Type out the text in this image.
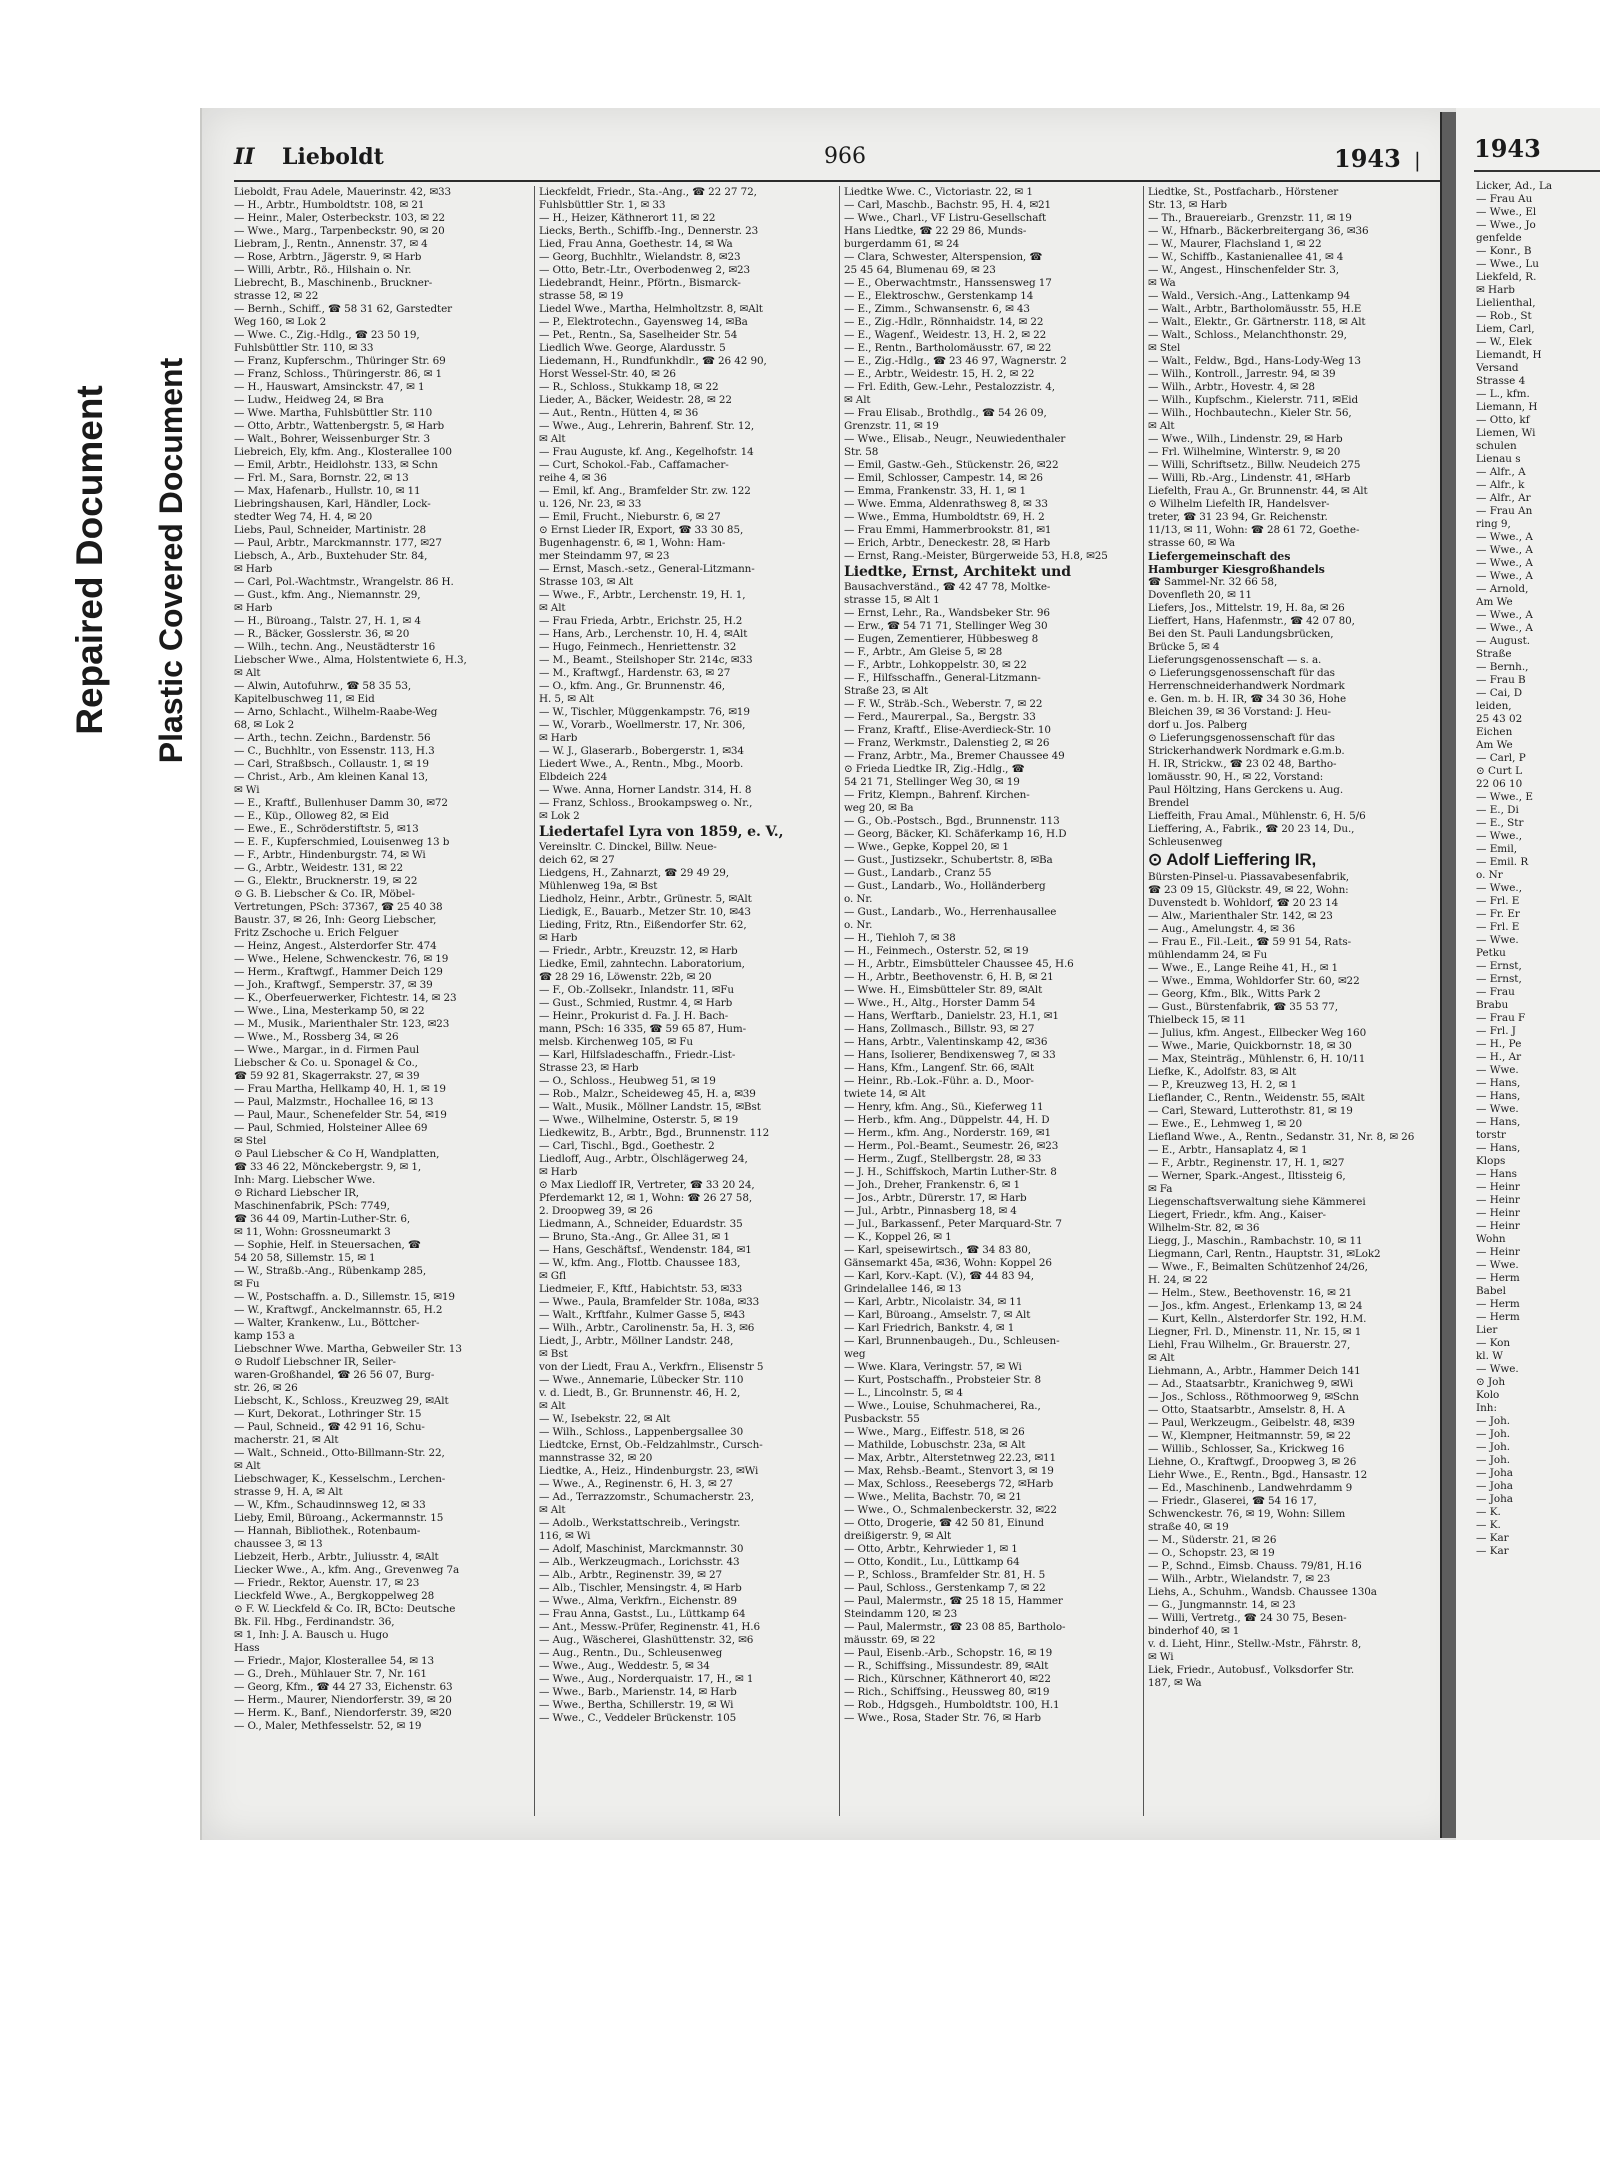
Repaired Document Plastic Covered Document
II Lieboldt	966	1943 |
Lieboldt, Frau Adele, Mauerinstr. 42, ✉33
— H., Arbtr., Humboldtstr. 108, ✉ 21
— Heinr., Maler, Osterbeckstr. 103, ✉ 22
— Wwe., Marg., Tarpenbeckstr. 90, ✉ 20
Liebram, J., Rentn., Annenstr. 37, ✉ 4
— Rose, Arbtrn., Jägerstr. 9, ✉ Harb
— Willi, Arbtr., Rö., Hilshain o. Nr.
Liebrecht, B., Maschinenb., Bruckner-
strasse 12, ✉ 22
— Bernh., Schiff., ☎ 58 31 62, Garstedter
Weg 160, ✉ Lok 2
— Wwe. C., Zig.-Hdlg., ☎ 23 50 19,
Fuhlsbüttler Str. 110, ✉ 33
— Franz, Kupferschm., Thüringer Str. 69
— Franz, Schloss., Thüringerstr. 86, ✉ 1
— H., Hauswart, Amsinckstr. 47, ✉ 1
— Ludw., Heidweg 24, ✉ Bra
— Wwe. Martha, Fuhlsbüttler Str. 110
— Otto, Arbtr., Wattenbergstr. 5, ✉ Harb
— Walt., Bohrer, Weissenburger Str. 3
Liebreich, Ely, kfm. Ang., Klosterallee 100
— Emil, Arbtr., Heidlohstr. 133, ✉ Schn
— Frl. M., Sara, Bornstr. 22, ✉ 13
— Max, Hafenarb., Hullstr. 10, ✉ 11
Liebringshausen, Karl, Händler, Lock-
stedter Weg 74, H. 4, ✉ 20
Liebs, Paul, Schneider, Martinistr. 28
— Paul, Arbtr., Marckmannstr. 177, ✉27
Liebsch, A., Arb., Buxtehuder Str. 84,
✉ Harb
— Carl, Pol.-Wachtmstr., Wrangelstr. 86 H.
— Gust., kfm. Ang., Niemannstr. 29,
✉ Harb
— H., Büroang., Talstr. 27, H. 1, ✉ 4
— R., Bäcker, Gosslerstr. 36, ✉ 20
— Wilh., techn. Ang., Neustädterstr 16
Liebscher Wwe., Alma, Holstentwiete 6, H.3,
✉ Alt
— Alwin, Autofuhrw., ☎ 58 35 53,
Kapitelbuschweg 11, ✉ Eid
— Arno, Schlacht., Wilhelm-Raabe-Weg
68, ✉ Lok 2
— Arth., techn. Zeichn., Bardenstr. 56
— C., Buchhltr., von Essenstr. 113, H.3
— Carl, Straßbsch., Collaustr. 1, ✉ 19
— Christ., Arb., Am kleinen Kanal 13,
✉ Wi
— E., Kraftf., Bullenhuser Damm 30, ✉72
— E., Küp., Olloweg 82, ✉ Eid
— Ewe., E., Schröderstiftstr. 5, ✉13
— E. F., Kupferschmied, Louisenweg 13 b
— F., Arbtr., Hindenburgstr. 74, ✉ Wi
— G., Arbtr., Weidestr. 131, ✉ 22
— G., Elektr., Brucknerstr. 19, ✉ 22
⊙ G. B. Liebscher & Co. IR, Möbel-
Vertretungen, PSch: 37367, ☎ 25 40 38
Baustr. 37, ✉ 26, Inh: Georg Liebscher,
Fritz Zschoche u. Erich Felguer
— Heinz, Angest., Alsterdorfer Str. 474
— Wwe., Helene, Schwenckestr. 76, ✉ 19
— Herm., Kraftwgf., Hammer Deich 129
— Joh., Kraftwgf., Semperstr. 37, ✉ 39
— K., Oberfeuerwerker, Fichtestr. 14, ✉ 23
— Wwe., Lina, Mesterkamp 50, ✉ 22
— M., Musik., Marienthaler Str. 123, ✉23
— Wwe., M., Rossberg 34, ✉ 26
— Wwe., Margar., in d. Firmen Paul
Liebscher & Co. u. Sponagel & Co.,
☎ 59 92 81, Skagerrakstr. 27, ✉ 39
— Frau Martha, Hellkamp 40, H. 1, ✉ 19
— Paul, Malzmstr., Hochallee 16, ✉ 13
— Paul, Maur., Schenefelder Str. 54, ✉19
— Paul, Schmied, Holsteiner Allee 69
✉ Stel
⊙ Paul Liebscher & Co H, Wandplatten,
☎ 33 46 22, Mönckebergstr. 9, ✉ 1,
Inh: Marg. Liebscher Wwe.
⊙ Richard Liebscher IR,
Maschinenfabrik, PSch: 7749,
☎ 36 44 09, Martin-Luther-Str. 6,
✉ 11, Wohn: Grossneumarkt 3
— Sophie, Helf. in Steuersachen, ☎
54 20 58, Sillemstr. 15, ✉ 1
— W., Straßb.-Ang., Rübenkamp 285,
✉ Fu
— W., Postschaffn. a. D., Sillemstr. 15, ✉19
— W., Kraftwgf., Anckelmannstr. 65, H.2
— Walter, Krankenw., Lu., Böttcher-
kamp 153 a
Liebschner Wwe. Martha, Gebweiler Str. 13
⊙ Rudolf Liebschner IR, Seiler-
waren-Großhandel, ☎ 26 56 07, Burg-
str. 26, ✉ 26
Liebscht, K., Schloss., Kreuzweg 29, ✉Alt
— Kurt, Dekorat., Lothringer Str. 15
— Paul, Schneid., ☎ 42 91 16, Schu-
macherstr. 21, ✉ Alt
— Walt., Schneid., Otto-Billmann-Str. 22,
✉ Alt
Liebschwager, K., Kesselschm., Lerchen-
strasse 9, H. A, ✉ Alt
— W., Kfm., Schaudinnsweg 12, ✉ 33
Lieby, Emil, Büroang., Ackermannstr. 15
— Hannah, Bibliothek., Rotenbaum-
chaussee 3, ✉ 13
Liebzeit, Herb., Arbtr., Juliusstr. 4, ✉Alt
Liecker Wwe., A., kfm. Ang., Grevenweg 7a
— Friedr., Rektor, Auenstr. 17, ✉ 23
Lieckfeld Wwe., A., Bergkoppelweg 28
⊙ F. W. Lieckfeld & Co. IR, BCto: Deutsche
Bk. Fil. Hbg., Ferdinandstr. 36,
✉ 1, Inh: J. A. Bausch u. Hugo
Hass
— Friedr., Major, Klosterallee 54, ✉ 13
— G., Dreh., Mühlauer Str. 7, Nr. 161
— Georg, Kfm., ☎ 44 27 33, Eichenstr. 63
— Herm., Maurer, Niendorferstr. 39, ✉ 20
— Herm. K., Banf., Niendorferstr. 39, ✉20
— O., Maler, Methfesselstr. 52, ✉ 19
Lieckfeldt, Friedr., Sta.-Ang., ☎ 22 27 72,
Fuhlsbüttler Str. 1, ✉ 33
— H., Heizer, Käthnerort 11, ✉ 22
Liecks, Berth., Schiffb.-Ing., Dennerstr. 23
Lied, Frau Anna, Goethestr. 14, ✉ Wa
— Georg, Buchhltr., Wielandstr. 8, ✉23
— Otto, Betr.-Ltr., Overbodenweg 2, ✉23
Liedebrandt, Heinr., Pförtn., Bismarck-
strasse 58, ✉ 19
Liedel Wwe., Martha, Helmholtzstr. 8, ✉Alt
— P., Elektrotechn., Gayensweg 14, ✉Ba
— Pet., Rentn., Sa, Saselheider Str. 54
Liedlich Wwe. George, Alardusstr. 5
Liedemann, H., Rundfunkhdlr., ☎ 26 42 90,
Horst Wessel-Str. 40, ✉ 26
— R., Schloss., Stukkamp 18, ✉ 22
Lieder, A., Bäcker, Weidestr. 28, ✉ 22
— Aut., Rentn., Hütten 4, ✉ 36
— Wwe., Aug., Lehrerin, Bahrenf. Str. 12,
✉ Alt
— Frau Auguste, kf. Ang., Kegelhofstr. 14
— Curt, Schokol.-Fab., Caffamacher-
reihe 4, ✉ 36
— Emil, kf. Ang., Bramfelder Str. zw. 122
u. 126, Nr. 23, ✉ 33
— Emil, Frucht., Nieburstr. 6, ✉ 27
⊙ Ernst Lieder IR, Export, ☎ 33 30 85,
Bugenhagenstr. 6, ✉ 1, Wohn: Ham-
mer Steindamm 97, ✉ 23
— Ernst, Masch.-setz., General-Litzmann-
Strasse 103, ✉ Alt
— Wwe., F., Arbtr., Lerchenstr. 19, H. 1,
✉ Alt
— Frau Frieda, Arbtr., Erichstr. 25, H.2
— Hans, Arb., Lerchenstr. 10, H. 4, ✉Alt
— Hugo, Feinmech., Henriettenstr. 32
— M., Beamt., Steilshoper Str. 214c, ✉33
— M., Kraftwgf., Hardenstr. 63, ✉ 27
— O., kfm. Ang., Gr. Brunnenstr. 46,
H. 5, ✉ Alt
— W., Tischler, Müggenkampstr. 76, ✉19
— W., Vorarb., Woellmerstr. 17, Nr. 306,
✉ Harb
— W. J., Glaserarb., Bobergerstr. 1, ✉34
Liedert Wwe., A., Rentn., Mbg., Moorb.
Elbdeich 224
— Wwe. Anna, Horner Landstr. 314, H. 8
— Franz, Schloss., Brookampsweg o. Nr.,
✉ Lok 2
Liedertafel Lyra von 1859, e. V.,
Vereinsltr. C. Dinckel, Billw. Neue-
deich 62, ✉ 27
Liedgens, H., Zahnarzt, ☎ 29 49 29,
Mühlenweg 19a, ✉ Bst
Liedholz, Heinr., Arbtr., Grünestr. 5, ✉Alt
Liedigk, E., Bauarb., Metzer Str. 10, ✉43
Lieding, Fritz, Rtn., Eißendorfer Str. 62,
✉ Harb
— Friedr., Arbtr., Kreuzstr. 12, ✉ Harb
Liedke, Emil, zahntechn. Laboratorium,
☎ 28 29 16, Löwenstr. 22b, ✉ 20
— F., Ob.-Zollsekr., Inlandstr. 11, ✉Fu
— Gust., Schmied, Rustmr. 4, ✉ Harb
— Heinr., Prokurist d. Fa. J. H. Bach-
mann, PSch: 16 335, ☎ 59 65 87, Hum-
melsb. Kirchenweg 105, ✉ Fu
— Karl, Hilfsladeschaffn., Friedr.-List-
Strasse 23, ✉ Harb
— O., Schloss., Heubweg 51, ✉ 19
— Rob., Malzr., Scheideweg 45, H. a, ✉39
— Walt., Musik., Möllner Landstr. 15, ✉Bst
— Wwe., Wilhelmine, Osterstr. 5, ✉ 19
Liedkewitz, B., Arbtr., Bgd., Brunnenstr. 112
— Carl, Tischl., Bgd., Goethestr. 2
Liedloff, Aug., Arbtr., Ölschlägerweg 24,
✉ Harb
⊙ Max Liedloff IR, Vertreter, ☎ 33 20 24,
Pferdemarkt 12, ✉ 1, Wohn: ☎ 26 27 58,
2. Droopweg 39, ✉ 26
Liedmann, A., Schneider, Eduardstr. 35
— Bruno, Sta.-Ang., Gr. Allee 31, ✉ 1
— Hans, Geschäftsf., Wendenstr. 184, ✉1
— W., kfm. Ang., Flottb. Chaussee 183,
✉ Gfl
Liedmeier, F., Kftf., Habichtstr. 53, ✉33
— Wwe., Paula, Bramfelder Str. 108a, ✉33
— Walt., Krftfahr., Kulmer Gasse 5, ✉43
— Wilh., Arbtr., Carolinenstr. 5a, H. 3, ✉6
Liedt, J., Arbtr., Möllner Landstr. 248,
✉ Bst
von der Liedt, Frau A., Verkfrn., Elisenstr 5
— Wwe., Annemarie, Lübecker Str. 110
v. d. Liedt, B., Gr. Brunnenstr. 46, H. 2,
✉ Alt
— W., Isebekstr. 22, ✉ Alt
— Wilh., Schloss., Lappenbergsallee 30
Liedtcke, Ernst, Ob.-Feldzahlmstr., Cursch-
mannstrasse 32, ✉ 20
Liedtke, A., Heiz., Hindenburgstr. 23, ✉Wi
— Wwe., A., Reginenstr. 6, H. 3, ✉ 27
— Ad., Terrazzomstr., Schumacherstr. 23,
✉ Alt
— Adolb., Werkstattschreib., Veringstr.
116, ✉ Wi
— Adolf, Maschinist, Marckmannstr. 30
— Alb., Werkzeugmach., Lorichsstr. 43
— Alb., Arbtr., Reginenstr. 39, ✉ 27
— Alb., Tischler, Mensingstr. 4, ✉ Harb
— Wwe., Alma, Verkfrn., Eichenstr. 89
— Frau Anna, Gastst., Lu., Lüttkamp 64
— Ant., Messw.-Prüfer, Reginenstr. 41, H.6
— Aug., Wäscherei, Glashüttenstr. 32, ✉6
— Aug., Rentn., Du., Schleusenweg
— Wwe., Aug., Weddestr. 5, ✉ 34
— Wwe., Aug., Norderquaistr. 17, H., ✉ 1
— Wwe., Barb., Marienstr. 14, ✉ Harb
— Wwe., Bertha, Schillerstr. 19, ✉ Wi
— Wwe., C., Veddeler Brückenstr. 105
Liedtke Wwe. C., Victoriastr. 22, ✉ 1
— Carl, Maschb., Bachstr. 95, H. 4, ✉21
— Wwe., Charl., VF Listru-Gesellschaft
Hans Liedtke, ☎ 22 29 86, Munds-
burgerdamm 61, ✉ 24
— Clara, Schwester, Alterspension, ☎
25 45 64, Blumenau 69, ✉ 23
— E., Oberwachtmstr., Hanssensweg 17
— E., Elektroschw., Gerstenkamp 14
— E., Zimm., Schwansenstr. 6, ✉ 43
— E., Zig.-Hdlr., Rönnhaidstr. 14, ✉ 22
— E., Wagenf., Weidestr. 13, H. 2, ✉ 22
— E., Rentn., Bartholomäusstr. 67, ✉ 22
— E., Zig.-Hdlg., ☎ 23 46 97, Wagnerstr. 2
— E., Arbtr., Weidestr. 15, H. 2, ✉ 22
— Frl. Edith, Gew.-Lehr., Pestalozzistr. 4,
✉ Alt
— Frau Elisab., Brothdlg., ☎ 54 26 09,
Grenzstr. 11, ✉ 19
— Wwe., Elisab., Neugr., Neuwiedenthaler
Str. 58
— Emil, Gastw.-Geh., Stückenstr. 26, ✉22
— Emil, Schlosser, Campestr. 14, ✉ 26
— Emma, Frankenstr. 33, H. 1, ✉ 1
— Wwe. Emma, Aldenrathsweg 8, ✉ 33
— Wwe., Emma, Humboldtstr. 69, H. 2
— Frau Emmi, Hammerbrookstr. 81, ✉1
— Erich, Arbtr., Deneckestr. 28, ✉ Harb
— Ernst, Rang.-Meister, Bürgerweide 53, H.8, ✉25
Liedtke, Ernst, Architekt und
Bausachverständ., ☎ 42 47 78, Moltke-
strasse 15, ✉ Alt 1
— Ernst, Lehr., Ra., Wandsbeker Str. 96
— Erw., ☎ 54 71 71, Stellinger Weg 30
— Eugen, Zementierer, Hübbesweg 8
— F., Arbtr., Am Gleise 5, ✉ 28
— F., Arbtr., Lohkoppelstr. 30, ✉ 22
— F., Hilfsschaffn., General-Litzmann-
Straße 23, ✉ Alt
— F. W., Sträb.-Sch., Weberstr. 7, ✉ 22
— Ferd., Maurerpal., Sa., Bergstr. 33
— Franz, Kraftf., Elise-Averdieck-Str. 10
— Franz, Werkmstr., Dalenstieg 2, ✉ 26
— Franz, Arbtr., Ma., Bremer Chaussee 49
⊙ Frieda Liedtke IR, Zig.-Hdlg., ☎
54 21 71, Stellinger Weg 30, ✉ 19
— Fritz, Klempn., Bahrenf. Kirchen-
weg 20, ✉ Ba
— G., Ob.-Postsch., Bgd., Brunnenstr. 113
— Georg, Bäcker, Kl. Schäferkamp 16, H.D
— Wwe., Gepke, Koppel 20, ✉ 1
— Gust., Justizsekr., Schubertstr. 8, ✉Ba
— Gust., Landarb., Cranz 55
— Gust., Landarb., Wo., Holländerberg
o. Nr.
— Gust., Landarb., Wo., Herrenhausallee
o. Nr.
— H., Tiehloh 7, ✉ 38
— H., Feinmech., Osterstr. 52, ✉ 19
— H., Arbtr., Eimsbütteler Chaussee 45, H.6
— H., Arbtr., Beethovenstr. 6, H. B, ✉ 21
— Wwe. H., Eimsbütteler Str. 89, ✉Alt
— Wwe., H., Altg., Horster Damm 54
— Hans, Werftarb., Danielstr. 23, H.1, ✉1
— Hans, Zollmasch., Billstr. 93, ✉ 27
— Hans, Arbtr., Valentinskamp 42, ✉36
— Hans, Isolierer, Bendixensweg 7, ✉ 33
— Hans, Kfm., Langenf. Str. 66, ✉Alt
— Heinr., Rb.-Lok.-Führ. a. D., Moor-
twiete 14, ✉ Alt
— Henry, kfm. Ang., Sü., Kieferweg 11
— Herb., kfm. Ang., Düppelstr. 44, H. D
— Herm., kfm. Ang., Norderstr. 169, ✉1
— Herm., Pol.-Beamt., Seumestr. 26, ✉23
— Herm., Zugf., Stellbergstr. 28, ✉ 33
— J. H., Schiffskoch, Martin Luther-Str. 8
— Joh., Dreher, Frankenstr. 6, ✉ 1
— Jos., Arbtr., Dürerstr. 17, ✉ Harb
— Jul., Arbtr., Pinnasberg 18, ✉ 4
— Jul., Barkassenf., Peter Marquard-Str. 7
— K., Koppel 26, ✉ 1
— Karl, speisewirtsch., ☎ 34 83 80,
Gänsemarkt 45a, ✉36, Wohn: Koppel 26
— Karl, Korv.-Kapt. (V.), ☎ 44 83 94,
Grindelallee 146, ✉ 13
— Karl, Arbtr., Nicolaistr. 34, ✉ 11
— Karl, Büroang., Amselstr. 7, ✉ Alt
— Karl Friedrich, Bankstr. 4, ✉ 1
— Karl, Brunnenbaugeh., Du., Schleusen-
weg
— Wwe. Klara, Veringstr. 57, ✉ Wi
— Kurt, Postschaffn., Probsteier Str. 8
— L., Lincolnstr. 5, ✉ 4
— Wwe., Louise, Schuhmacherei, Ra.,
Pusbackstr. 55
— Wwe., Marg., Eiffestr. 518, ✉ 26
— Mathilde, Lobuschstr. 23a, ✉ Alt
— Max, Arbtr., Alterstetnweg 22.23, ✉11
— Max, Rehsb.-Beamt., Stenvort 3, ✉ 19
— Max, Schloss., Reesebergs 72, ✉Harb
— Wwe., Melita, Bachstr. 70, ✉ 21
— Wwe., O., Schmalenbeckerstr. 32, ✉22
— Otto, Drogerie, ☎ 42 50 81, Einund
dreißigerstr. 9, ✉ Alt
— Otto, Arbtr., Kehrwieder 1, ✉ 1
— Otto, Kondit., Lu., Lüttkamp 64
— P., Schloss., Bramfelder Str. 81, H. 5
— Paul, Schloss., Gerstenkamp 7, ✉ 22
— Paul, Malermstr., ☎ 25 18 15, Hammer
Steindamm 120, ✉ 23
— Paul, Malermstr., ☎ 23 08 85, Bartholo-
mäusstr. 69, ✉ 22
— Paul, Eisenb.-Arb., Schopstr. 16, ✉ 19
— R., Schiffsing., Missundestr. 89, ✉Alt
— Rich., Kürschner, Käthnerort 40, ✉22
— Rich., Schiffsing., Heussweg 80, ✉19
— Rob., Hdgsgeh., Humboldtstr. 100, H.1
— Wwe., Rosa, Stader Str. 76, ✉ Harb
Liedtke, St., Postfacharb., Hörstener
Str. 13, ✉ Harb
— Th., Brauereiarb., Grenzstr. 11, ✉ 19
— W., Hfnarb., Bäckerbreitergang 36, ✉36
— W., Maurer, Flachsland 1, ✉ 22
— W., Schiffb., Kastanienallee 41, ✉ 4
— W., Angest., Hinschenfelder Str. 3,
✉ Wa
— Wald., Versich.-Ang., Lattenkamp 94
— Walt., Arbtr., Bartholomäusstr. 55, H.E
— Walt., Elektr., Gr. Gärtnerstr. 118, ✉ Alt
— Walt., Schloss., Melanchthonstr. 29,
✉ Stel
— Walt., Feldw., Bgd., Hans-Lody-Weg 13
— Wilh., Kontroll., Jarrestr. 94, ✉ 39
— Wilh., Arbtr., Hovestr. 4, ✉ 28
— Wilh., Kupfschm., Kielerstr. 711, ✉Eid
— Wilh., Hochbautechn., Kieler Str. 56,
✉ Alt
— Wwe., Wilh., Lindenstr. 29, ✉ Harb
— Frl. Wilhelmine, Winterstr. 9, ✉ 20
— Willi, Schriftsetz., Billw. Neudeich 275
— Willi, Rb.-Arg., Lindenstr. 41, ✉Harb
Liefelth, Frau A., Gr. Brunnenstr. 44, ✉ Alt
⊙ Wilhelm Liefelth IR, Handelsver-
treter, ☎ 31 23 94, Gr. Reichenstr.
11/13, ✉ 11, Wohn: ☎ 28 61 72, Goethe-
strasse 60, ✉ Wa
Liefergemeinschaft des
Hamburger Kiesgroßhandels
☎ Sammel-Nr. 32 66 58,
Dovenfleth 20, ✉ 11
Liefers, Jos., Mittelstr. 19, H. 8a, ✉ 26
Lieffert, Hans, Hafenmstr., ☎ 42 07 80,
Bei den St. Pauli Landungsbrücken,
Brücke 5, ✉ 4
Lieferungsgenossenschaft — s. a.
⊙ Lieferungsgenossenschaft für das
Herrenschneiderhandwerk Nordmark
e. Gen. m. b. H. IR, ☎ 34 30 36, Hohe
Bleichen 39, ✉ 36 Vorstand: J. Heu-
dorf u. Jos. Palberg
⊙ Lieferungsgenossenschaft für das
Strickerhandwerk Nordmark e.G.m.b.
H. IR, Strickw., ☎ 23 02 48, Bartho-
lomäusstr. 90, H., ✉ 22, Vorstand:
Paul Höltzing, Hans Gerckens u. Aug.
Brendel
Lieffeith, Frau Amal., Mühlenstr. 6, H. 5/6
Lieffering, A., Fabrik., ☎ 20 23 14, Du.,
Schleusenweg
⊙ Adolf Lieffering IR,
Bürsten-Pinsel-u. Piassavabesenfabrik,
☎ 23 09 15, Glückstr. 49, ✉ 22, Wohn:
Duvenstedt b. Wohldorf, ☎ 20 23 14
— Alw., Marienthaler Str. 142, ✉ 23
— Aug., Amelungstr. 4, ✉ 36
— Frau E., Fil.-Leit., ☎ 59 91 54, Rats-
mühlendamm 24, ✉ Fu
— Wwe., E., Lange Reihe 41, H., ✉ 1
— Wwe., Emma, Wohldorfer Str. 60, ✉22
— Georg, Kfm., Blk., Witts Park 2
— Gust., Bürstenfabrik, ☎ 35 53 77,
Thielbeck 15, ✉ 11
— Julius, kfm. Angest., Ellbecker Weg 160
— Wwe., Marie, Quickbornstr. 18, ✉ 30
— Max, Steinträg., Mühlenstr. 6, H. 10/11
Liefke, K., Adolfstr. 83, ✉ Alt
— P., Kreuzweg 13, H. 2, ✉ 1
Lieflander, C., Rentn., Weidenstr. 55, ✉Alt
— Carl, Steward, Lutterothstr. 81, ✉ 19
— Ewe., E., Lehmweg 1, ✉ 20
Liefland Wwe., A., Rentn., Sedanstr. 31, Nr. 8, ✉ 26
— E., Arbtr., Hansaplatz 4, ✉ 1
— F., Arbtr., Reginenstr. 17, H. 1, ✉27
— Werner, Spark.-Angest., Iltissteig 6,
✉ Fa
Liegenschaftsverwaltung siehe Kämmerei
Liegert, Friedr., kfm. Ang., Kaiser-
Wilhelm-Str. 82, ✉ 36
Liegg, J., Maschin., Rambachstr. 10, ✉ 11
Liegmann, Carl, Rentn., Hauptstr. 31, ✉Lok2
— Wwe., F., Beimalten Schützenhof 24/26,
H. 24, ✉ 22
— Helm., Stew., Beethovenstr. 16, ✉ 21
— Jos., kfm. Angest., Erlenkamp 13, ✉ 24
— Kurt, Kelln., Alsterdorfer Str. 192, H.M.
Liegner, Frl. D., Minenstr. 11, Nr. 15, ✉ 1
Liehl, Frau Wilhelm., Gr. Brauerstr. 27,
✉ Alt
Liehmann, A., Arbtr., Hammer Deich 141
— Ad., Staatsarbtr., Kranichweg 9, ✉Wi
— Jos., Schloss., Röthmoorweg 9, ✉Schn
— Otto, Staatsarbtr., Amselstr. 8, H. A
— Paul, Werkzeugm., Geibelstr. 48, ✉39
— W., Klempner, Heitmannstr. 59, ✉ 22
— Willib., Schlosser, Sa., Krickweg 16
Liehne, O., Kraftwgf., Droopweg 3, ✉ 26
Liehr Wwe., E., Rentn., Bgd., Hansastr. 12
— Ed., Maschinenb., Landwehrdamm 9
— Friedr., Glaserei, ☎ 54 16 17,
Schwenckestr. 76, ✉ 19, Wohn: Sillem
straße 40, ✉ 19
— M., Süderstr. 21, ✉ 26
— O., Schopstr. 23, ✉ 19
— P., Schnd., Eimsb. Chauss. 79/81, H.16
— Wilh., Arbtr., Wielandstr. 7, ✉ 23
Liehs, A., Schuhm., Wandsb. Chaussee 130a
— G., Jungmannstr. 14, ✉ 23
— Willi, Vertretg., ☎ 24 30 75, Besen-
binderhof 40, ✉ 1
v. d. Lieht, Hinr., Stellw.-Mstr., Fährstr. 8,
✉ Wi
Liek, Friedr., Autobusf., Volksdorfer Str.
187, ✉ Wa
1943
Licker, Ad., La
— Frau Au
— Wwe., El
— Wwe., Jo
genfelde
— Konr., B
— Wwe., Lu
Liekfeld, R.
✉ Harb
Lielienthal,
— Rob., St
Liem, Carl,
— W., Elek
Liemandt, H
Versand
Strasse 4
— L., kfm.
Liemann, H
— Otto, kf
Liemen, Wi
schulen
Lienau s
— Alfr., A
— Alfr., k
— Alfr., Ar
— Frau An
ring 9,
— Wwe., A
— Wwe., A
— Wwe., A
— Wwe., A
— Arnold,
Am We
— Wwe., A
— Wwe., A
— August.
Straße
— Bernh.,
— Frau B
— Cai, D
leiden,
25 43 02
Eichen
Am We
— Carl, P
⊙ Curt L
22 06 10
— Wwe., E
— E., Di
— E., Str
— Wwe.,
— Emil,
— Emil. R
o. Nr
— Wwe.,
— Frl. E
— Fr. Er
— Frl. E
— Wwe.
Petku
— Ernst,
— Ernst,
— Frau
Brabu
— Frau F
— Frl. J
— H., Pe
— H., Ar
— Wwe.
— Hans,
— Hans,
— Wwe.
— Hans,
torstr
— Hans,
Klops
— Hans
— Heinr
— Heinr
— Heinr
— Heinr
Wohn
— Heinr
— Wwe.
— Herm
Babel
— Herm
— Herm
Lier
— Kon
kl. W
— Wwe.
⊙ Joh
Kolo
Inh:
— Joh.
— Joh.
— Joh.
— Joh.
— Joha
— Joha
— Joha
— K.
— K.
— Kar
— Kar
